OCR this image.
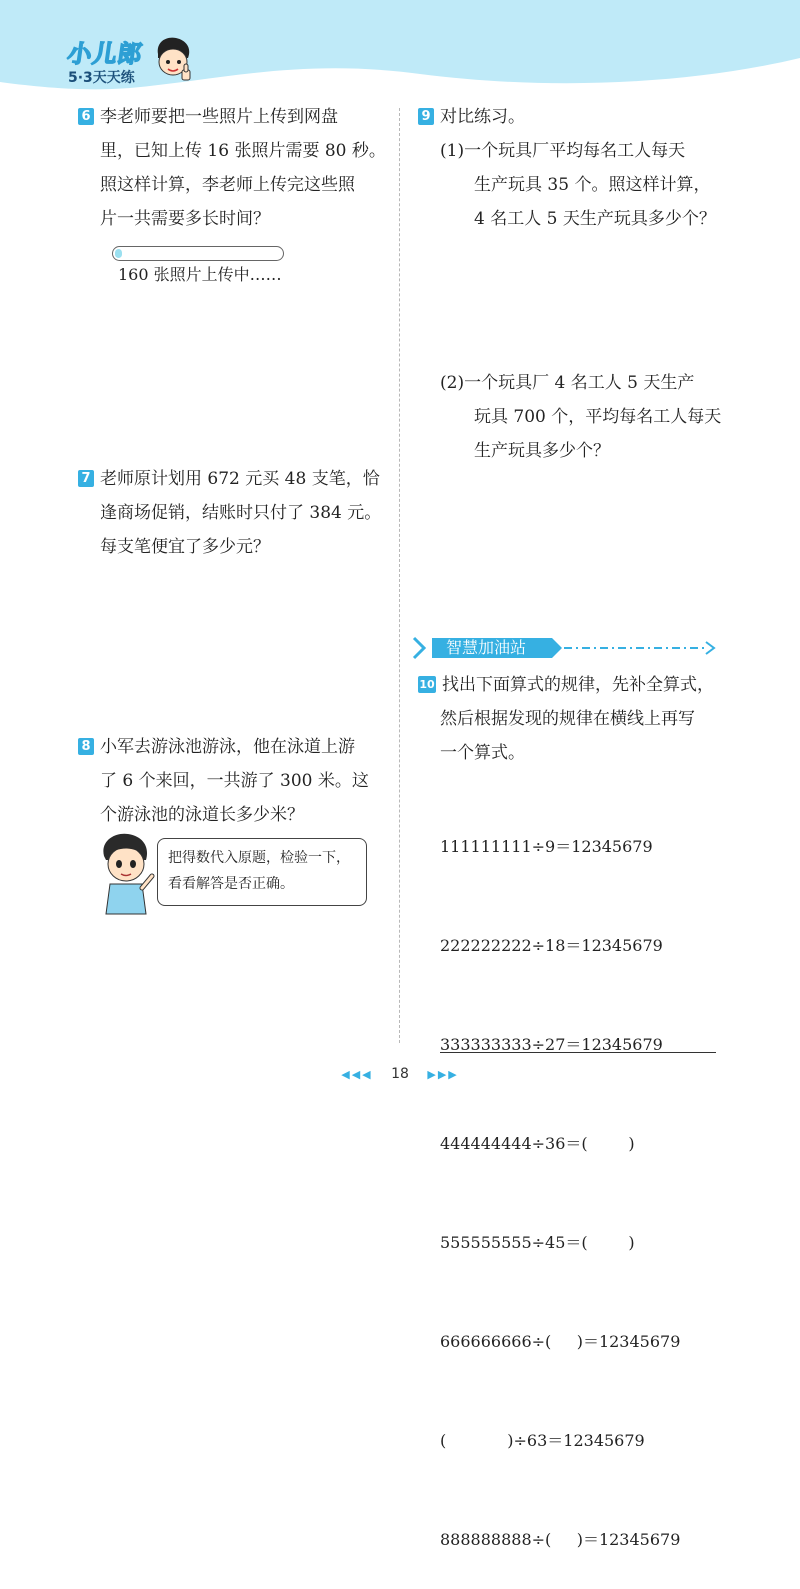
小儿郎
5·3天天练
6 李老师要把一些照片上传到网盘
里，已知上传 16 张照片需要 80 秒。
照这样计算，李老师上传完这些照
片一共需要多长时间？
160 张照片上传中……
7 老师原计划用 672 元买 48 支笔，恰
逢商场促销，结账时只付了 384 元。
每支笔便宜了多少元？
8 小军去游泳池游泳，他在泳道上游
了 6 个来回，一共游了 300 米。这
个游泳池的泳道长多少米？
把得数代入原题，检验一下，
看看解答是否正确。
9 对比练习。
(1)一个玩具厂平均每名工人每天
生产玩具 35 个。照这样计算，
4 名工人 5 天生产玩具多少个？
(2)一个玩具厂 4 名工人 5 天生产
玩具 700 个，平均每名工人每天
生产玩具多少个？
智慧加油站
10 找出下面算式的规律，先补全算式，
然后根据发现的规律在横线上再写
一个算式。

111111111÷9＝12345679

222222222÷18＝12345679

333333333÷27＝12345679

444444444÷36＝(        )

555555555÷45＝(        )

666666666÷(     )＝12345679

(            )÷63＝12345679

888888888÷(     )＝12345679

◀◀◀ 18 ▶▶▶
